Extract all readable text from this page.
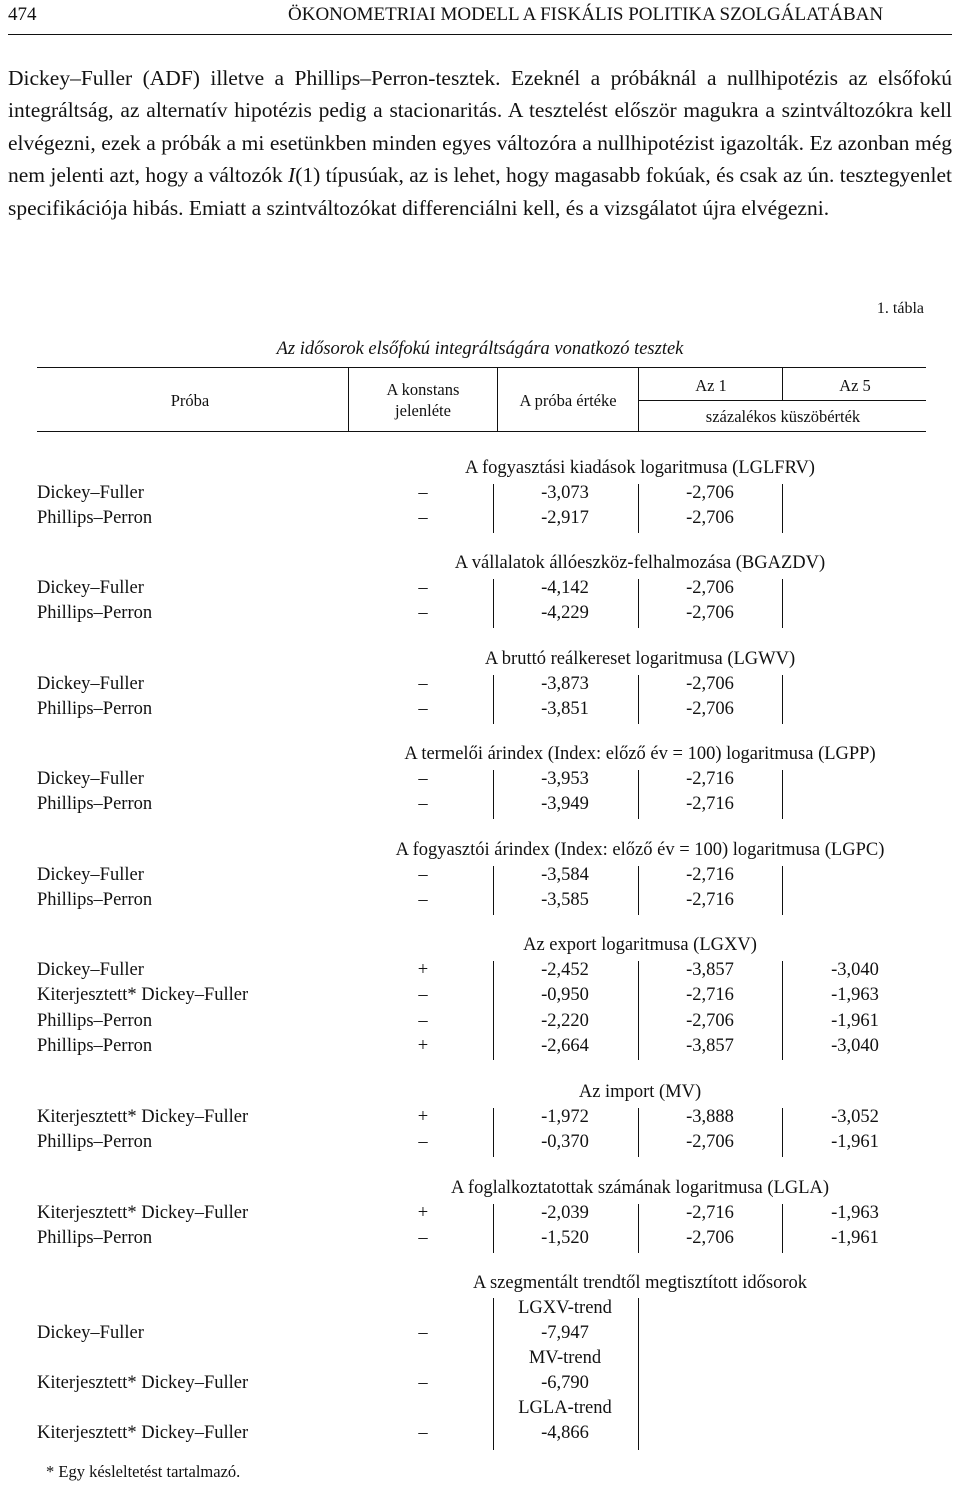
474	ÖKONOMETRIAI MODELL A FISKÁLIS POLITIKA SZOLGÁLATÁBAN

Dickey–Fuller (ADF) illetve a Phillips–Perron-tesztek. Ezeknél a próbáknál a nullhipotézis az elsőfokú integráltság, az alternatív hipotézis pedig a stacionaritás. A tesztelést először magukra a szintváltozókra kell elvégezni, ezek a próbák a mi esetünkben minden egyes változóra a nullhipotézist igazolták. Ez azonban még nem jelenti azt, hogy a változók I(1) típusúak, az is lehet, hogy magasabb fokúak, és csak az ún. tesztegyenlet specifikációja hibás. Emiatt a szintváltozókat differenciálni kell, és a vizsgálatot újra elvégezni.

1. tábla
Az idősorok elsőfokú integráltságára vonatkozó tesztek
Próba
A konstans
jelenléte
A próba értéke
Az 1	Az 5
százalékos küszöbérték
A fogyasztási kiadások logaritmusa (LGLFRV)
Dickey–Fuller	–	-3,073	-2,706
Phillips–Perron	–	-2,917	-2,706
A vállalatok állóeszköz-felhalmozása (BGAZDV)
Dickey–Fuller	–	-4,142	-2,706
Phillips–Perron	–	-4,229	-2,706
A bruttó reálkereset logaritmusa (LGWV)
Dickey–Fuller	–	-3,873	-2,706
Phillips–Perron	–	-3,851	-2,706
A termelői árindex (Index: előző év = 100) logaritmusa (LGPP)
Dickey–Fuller	–	-3,953	-2,716
Phillips–Perron	–	-3,949	-2,716
A fogyasztói árindex (Index: előző év = 100) logaritmusa (LGPC)
Dickey–Fuller	–	-3,584	-2,716
Phillips–Perron	–	-3,585	-2,716
Az export logaritmusa (LGXV)
Dickey–Fuller	+	-2,452	-3,857	-3,040
Kiterjesztett* Dickey–Fuller	–	-0,950	-2,716	-1,963
Phillips–Perron	–	-2,220	-2,706	-1,961
Phillips–Perron	+	-2,664	-3,857	-3,040
Az import (MV)
Kiterjesztett* Dickey–Fuller	+	-1,972	-3,888	-3,052
Phillips–Perron	–	-0,370	-2,706	-1,961
A foglalkoztatottak számának logaritmusa (LGLA)
Kiterjesztett* Dickey–Fuller	+	-2,039	-2,716	-1,963
Phillips–Perron	–	-1,520	-2,706	-1,961
A szegmentált trendtől megtisztított idősorok
LGXV-trend
Dickey–Fuller	–	-7,947
MV-trend
Kiterjesztett* Dickey–Fuller	–	-6,790
LGLA-trend
Kiterjesztett* Dickey–Fuller	–	-4,866
* Egy késleltetést tartalmazó.
